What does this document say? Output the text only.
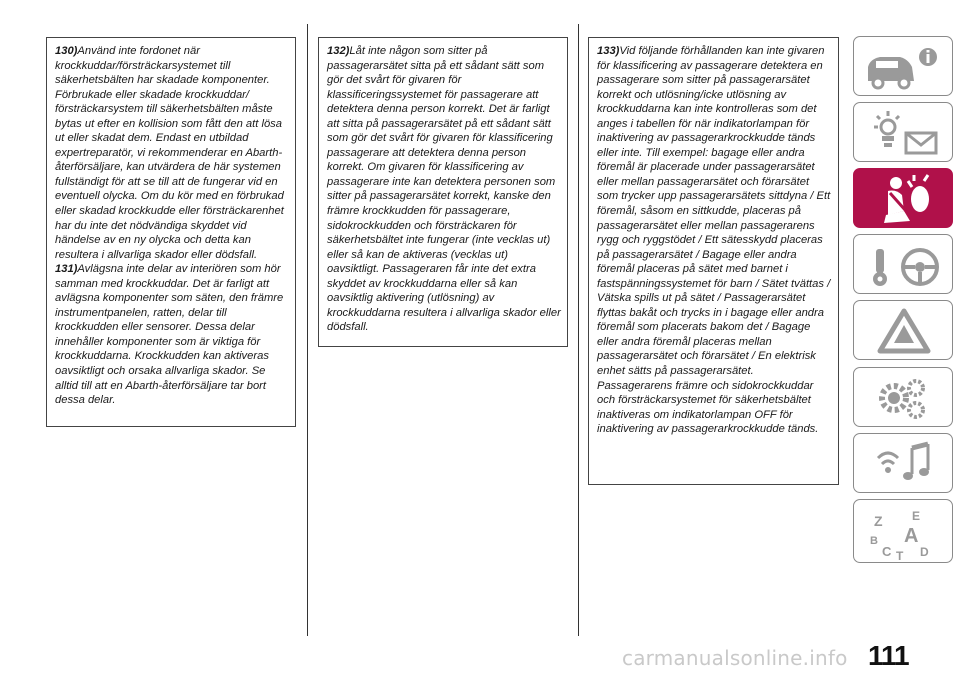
130)Använd inte fordonet när krockkuddar/försträckarsystemet till säkerhetsbälten har skadade komponenter. Förbrukade eller skadade krockkuddar/ försträckarsystem till säkerhetsbälten måste bytas ut efter en kollision som fått den att lösa ut eller skadat dem. Endast en utbildad expertreparatör, vi rekommenderar en Abarth-återförsäljare, kan utvärdera de här systemen fullständigt för att se till att de fungerar vid en eventuell olycka. Om du kör med en förbrukad eller skadad krockkudde eller försträckarenhet har du inte det nödvändiga skyddet vid händelse av en ny olycka och detta kan resultera i allvarliga skador eller dödsfall.

131)Avlägsna inte delar av interiören som hör samman med krockkuddar. Det är farligt att avlägsna komponenter som säten, den främre instrumentpanelen, ratten, delar till krockkudden eller sensorer. Dessa delar innehåller komponenter som är viktiga för krockkuddarna. Krockkudden kan aktiveras oavsiktligt och orsaka allvarliga skador. Se alltid till att en Abarth-återförsäljare tar bort dessa delar.

132)Låt inte någon som sitter på passagerarsätet sitta på ett sådant sätt som gör det svårt för givaren för klassificeringssystemet för passagerare att detektera denna person korrekt. Det är farligt att sitta på passagerarsätet på ett sådant sätt som gör det svårt för givaren för klassificering passagerare att detektera denna person korrekt. Om givaren för klassificering av passagerare inte kan detektera personen som sitter på passagerarsätet korrekt, kanske den främre krockkudden för passagerare, sidokrockkudden och försträckaren för säkerhetsbältet inte fungerar (inte vecklas ut) eller så kan de aktiveras (vecklas ut) oavsiktligt. Passageraren får inte det extra skyddet av krockkuddarna eller så kan oavsiktlig aktivering (utlösning) av krockkuddarna resultera i allvarliga skador eller dödsfall.

133)Vid följande förhållanden kan inte givaren för klassificering av passagerare detektera en passagerare som sitter på passagerarsätet korrekt och utlösning/icke utlösning av krockkuddarna kan inte kontrolleras som det anges i tabellen för när indikatorlampan för inaktivering av passagerarkrockkudde tänds eller inte. Till exempel: bagage eller andra föremål är placerade under passagerarsätet eller mellan passagerarsätet och förarsätet som trycker upp passagerarsätets sittdyna / Ett föremål, såsom en sittkudde, placeras på passagerarsätet eller mellan passagerarens rygg och ryggstödet / Ett sätesskydd placeras på passagerarsätet / Bagage eller andra föremål placeras på sätet med barnet i fastspänningssystemet för barn / Sätet tvättas / Vätska spills ut på sätet / Passagerarsätet flyttas bakåt och trycks in i bagage eller andra föremål som placerats bakom det / Bagage eller andra föremål placeras mellan passagerarsätet och förarsätet / En elektrisk enhet sätts på passagerarsätet. Passagerarens främre och sidokrockkuddar och försträckarsystemet för säkerhetsbältet inaktiveras om indikatorlampan OFF för inaktivering av passagerarkrockkudde tänds.

Z E
B A
C T D
111
carmanualsonline.info
